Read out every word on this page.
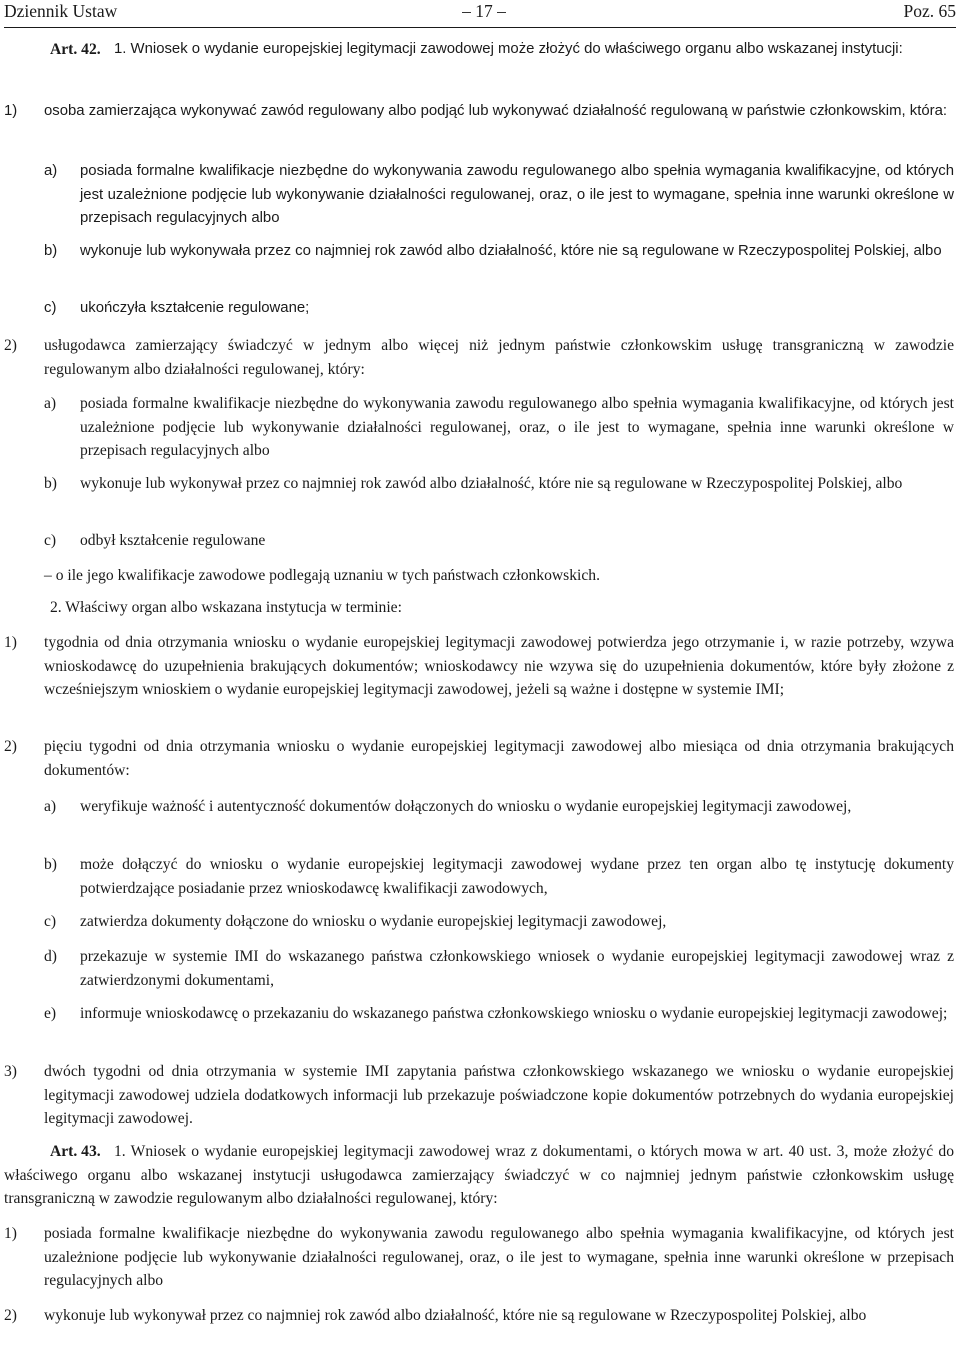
Dziennik Ustaw	– 17 –	Poz. 65
Art. 42. 1. Wniosek o wydanie europejskiej legitymacji zawodowej może złożyć do właściwego organu albo wskazanej instytucji:
1) osoba zamierzająca wykonywać zawód regulowany albo podjąć lub wykonywać działalność regulowaną w państwie członkowskim, która:
a) posiada formalne kwalifikacje niezbędne do wykonywania zawodu regulowanego albo spełnia wymagania kwalifikacyjne, od których jest uzależnione podjęcie lub wykonywanie działalności regulowanej, oraz, o ile jest to wymagane, spełnia inne warunki określone w przepisach regulacyjnych albo
b) wykonuje lub wykonywała przez co najmniej rok zawód albo działalność, które nie są regulowane w Rzeczypospolitej Polskiej, albo
c) ukończyła kształcenie regulowane;
2) usługodawca zamierzający świadczyć w jednym albo więcej niż jednym państwie członkowskim usługę transgraniczną w zawodzie regulowanym albo działalności regulowanej, który:
a) posiada formalne kwalifikacje niezbędne do wykonywania zawodu regulowanego albo spełnia wymagania kwalifikacyjne, od których jest uzależnione podjęcie lub wykonywanie działalności regulowanej, oraz, o ile jest to wymagane, spełnia inne warunki określone w przepisach regulacyjnych albo
b) wykonuje lub wykonywał przez co najmniej rok zawód albo działalność, które nie są regulowane w Rzeczypospolitej Polskiej, albo
c) odbył kształcenie regulowane
– o ile jego kwalifikacje zawodowe podlegają uznaniu w tych państwach członkowskich.
2. Właściwy organ albo wskazana instytucja w terminie:
1) tygodnia od dnia otrzymania wniosku o wydanie europejskiej legitymacji zawodowej potwierdza jego otrzymanie i, w razie potrzeby, wzywa wnioskodawcę do uzupełnienia brakujących dokumentów; wnioskodawcy nie wzywa się do uzupełnienia dokumentów, które były złożone z wcześniejszym wnioskiem o wydanie europejskiej legitymacji zawodowej, jeżeli są ważne i dostępne w systemie IMI;
2) pięciu tygodni od dnia otrzymania wniosku o wydanie europejskiej legitymacji zawodowej albo miesiąca od dnia otrzymania brakujących dokumentów:
a) weryfikuje ważność i autentyczność dokumentów dołączonych do wniosku o wydanie europejskiej legitymacji zawodowej,
b) może dołączyć do wniosku o wydanie europejskiej legitymacji zawodowej wydane przez ten organ albo tę instytucję dokumenty potwierdzające posiadanie przez wnioskodawcę kwalifikacji zawodowych,
c) zatwierdza dokumenty dołączone do wniosku o wydanie europejskiej legitymacji zawodowej,
d) przekazuje w systemie IMI do wskazanego państwa członkowskiego wniosek o wydanie europejskiej legitymacji zawodowej wraz z zatwierdzonymi dokumentami,
e) informuje wnioskodawcę o przekazaniu do wskazanego państwa członkowskiego wniosku o wydanie europejskiej legitymacji zawodowej;
3) dwóch tygodni od dnia otrzymania w systemie IMI zapytania państwa członkowskiego wskazanego we wniosku o wydanie europejskiej legitymacji zawodowej udziela dodatkowych informacji lub przekazuje poświadczone kopie dokumentów potrzebnych do wydania europejskiej legitymacji zawodowej.
Art. 43. 1. Wniosek o wydanie europejskiej legitymacji zawodowej wraz z dokumentami, o których mowa w art. 40 ust. 3, może złożyć do właściwego organu albo wskazanej instytucji usługodawca zamierzający świadczyć w co najmniej jednym państwie członkowskim usługę transgraniczną w zawodzie regulowanym albo działalności regulowanej, który:
1) posiada formalne kwalifikacje niezbędne do wykonywania zawodu regulowanego albo spełnia wymagania kwalifikacyjne, od których jest uzależnione podjęcie lub wykonywanie działalności regulowanej, oraz, o ile jest to wymagane, spełnia inne warunki określone w przepisach regulacyjnych albo
2) wykonuje lub wykonywał przez co najmniej rok zawód albo działalność, które nie są regulowane w Rzeczypospolitej Polskiej, albo
